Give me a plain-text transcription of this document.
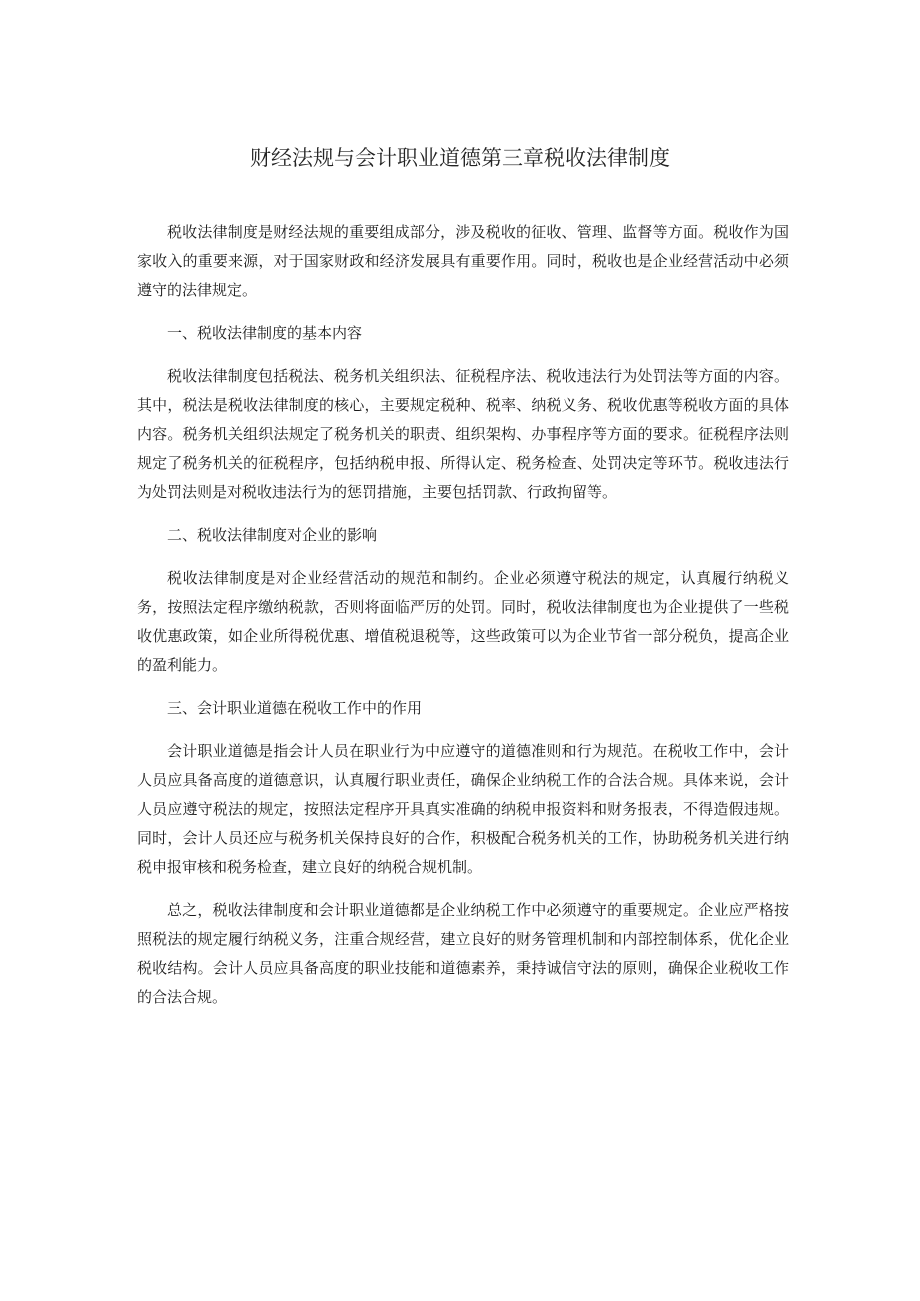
财经法规与会计职业道德第三章税收法律制度

税收法律制度是财经法规的重要组成部分，涉及税收的征收、管理、监督等方面。税收作为国家收入的重要来源，对于国家财政和经济发展具有重要作用。同时，税收也是企业经营活动中必须遵守的法律规定。

一、税收法律制度的基本内容

税收法律制度包括税法、税务机关组织法、征税程序法、税收违法行为处罚法等方面的内容。其中，税法是税收法律制度的核心，主要规定税种、税率、纳税义务、税收优惠等税收方面的具体内容。税务机关组织法规定了税务机关的职责、组织架构、办事程序等方面的要求。征税程序法则规定了税务机关的征税程序，包括纳税申报、所得认定、税务检查、处罚决定等环节。税收违法行为处罚法则是对税收违法行为的惩罚措施，主要包括罚款、行政拘留等。

二、税收法律制度对企业的影响

税收法律制度是对企业经营活动的规范和制约。企业必须遵守税法的规定，认真履行纳税义务，按照法定程序缴纳税款，否则将面临严厉的处罚。同时，税收法律制度也为企业提供了一些税收优惠政策，如企业所得税优惠、增值税退税等，这些政策可以为企业节省一部分税负，提高企业的盈利能力。

三、会计职业道德在税收工作中的作用

会计职业道德是指会计人员在职业行为中应遵守的道德准则和行为规范。在税收工作中，会计人员应具备高度的道德意识，认真履行职业责任，确保企业纳税工作的合法合规。具体来说，会计人员应遵守税法的规定，按照法定程序开具真实准确的纳税申报资料和财务报表，不得造假违规。同时，会计人员还应与税务机关保持良好的合作，积极配合税务机关的工作，协助税务机关进行纳税申报审核和税务检查，建立良好的纳税合规机制。

总之，税收法律制度和会计职业道德都是企业纳税工作中必须遵守的重要规定。企业应严格按照税法的规定履行纳税义务，注重合规经营，建立良好的财务管理机制和内部控制体系，优化企业税收结构。会计人员应具备高度的职业技能和道德素养，秉持诚信守法的原则，确保企业税收工作的合法合规。
